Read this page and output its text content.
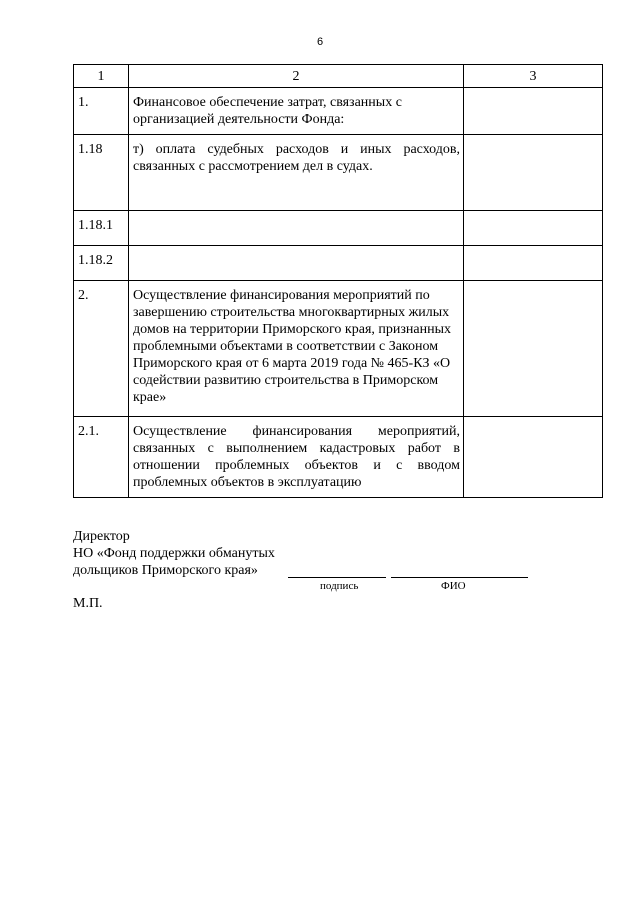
6
1	2	3
1.	Финансовое обеспечение затрат, связанных с организацией деятельности Фонда:	
1.18	т) оплата судебных расходов и иных расходов, связанных с рассмотрением дел в судах.	
1.18.1		
1.18.2		
2.	Осуществление финансирования мероприятий по завершению строительства многоквартирных жилых домов на территории Приморского края, признанных проблемными объектами в соответствии с Законом Приморского края от 6 марта 2019 года № 465-КЗ «О содействии развитию строительства в Приморском крае»	
2.1.	Осуществление финансирования мероприятий, связанных с выполнением кадастровых работ в отношении проблемных объектов и с вводом проблемных объектов в эксплуатацию	
Директор
НО «Фонд поддержки обманутых
дольщиков Приморского края»
подпись	ФИО
М.П.
